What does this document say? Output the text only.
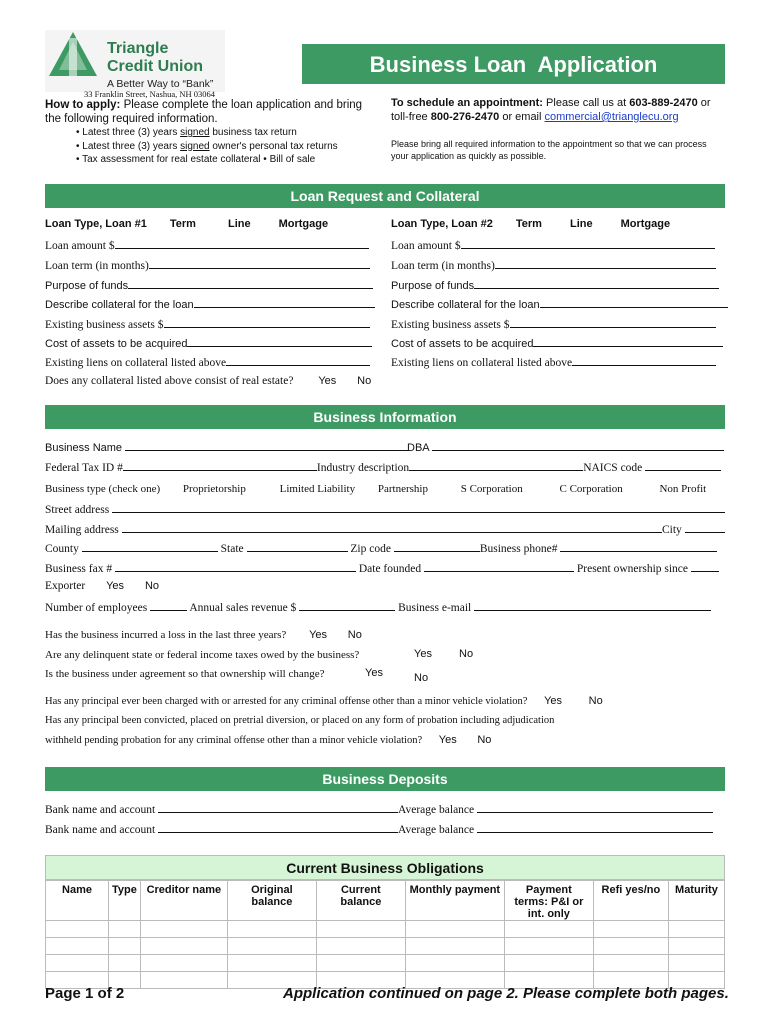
Triangle
Credit Union
A Better Way to “Bank”
33 Franklin Street, Nashua, NH 03064
Business Loan  Application
How to apply: Please complete the loan application and bring the following required information.
• Latest three (3) years signed business tax return
• Latest three (3) years signed owner's personal tax returns
• Tax assessment for real estate collateral • Bill of sale
To schedule an appointment: Please call us at 603-889-2470 or toll-free 800-276-2470 or email commercial@trianglecu.org
Please bring all required information to the appointment so that we can process your application as quickly as possible.
Loan Request and Collateral
Loan Type, Loan #1 Term	Line	Mortgage	Loan Type, Loan #2 Term	Line	Mortgage
Loan amount $
Loan term (in months)
Purpose of funds
Describe collateral for the loan
Existing business assets $
Cost of assets to be acquired
Existing liens on collateral listed above
Loan amount $
Loan term (in months)
Purpose of funds
Describe collateral for the loan
Existing business assets $
Cost of assets to be acquired
Existing liens on collateral listed above
Does any collateral listed above consist of real estate? Yes No
Business Information
Business Name	DBA
Federal Tax ID #	Industry description	NAICS code
Business type (check one) Proprietorship	Limited Liability Partnership	S Corporation	C Corporation	Non Profit
Street address
Mailing address	City
County	State	Zip code	Business phone#
Business fax #	Date founded	Present ownership since
Exporter Yes No
Number of employees	Annual sales revenue $	Business e-mail
Has the business incurred a loss in the last three years? Yes No
Are any delinquent state or federal income taxes owed by the business?	Yes No
Is the business under agreement so that ownership will change?	Yes	No
Has any principal ever been charged with or arrested for any criminal offense other than a minor vehicle violation? Yes No
Has any principal been convicted, placed on pretrial diversion, or placed on any form of probation including adjudication
withheld pending probation for any criminal offense other than a minor vehicle violation? Yes No
Business Deposits
Bank name and account	Average balance
Bank name and account	Average balance
Current Business Obligations
Name	Type	Creditor name	Original balance	Current balance	Monthly payment	Payment terms: P&I or int. only	Refi yes/no	Maturity

Page 1 of 2	Application continued on page 2. Please complete both pages.
